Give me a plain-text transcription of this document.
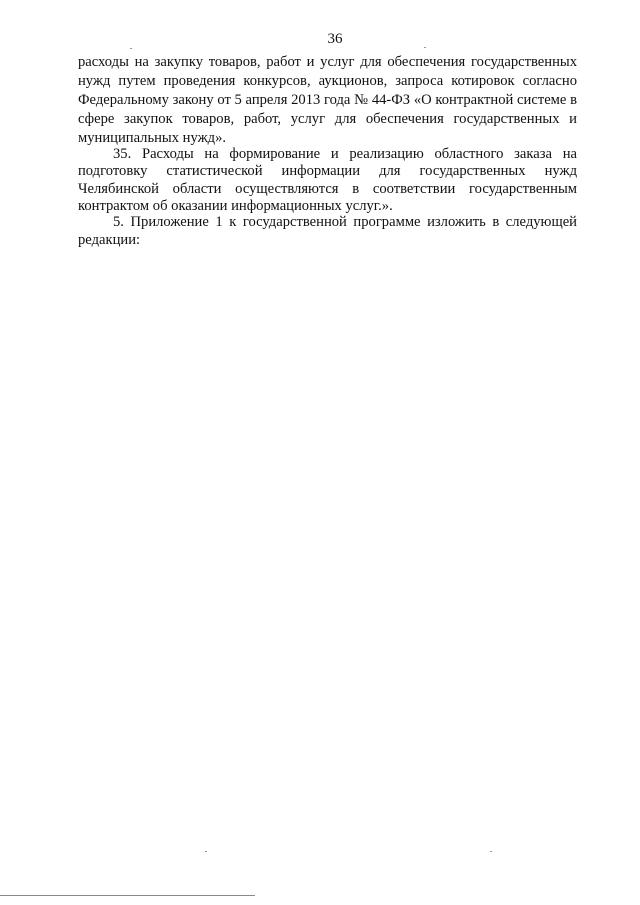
36
расходы на закупку товаров, работ и услуг для обеспечения государственных
нужд путем проведения конкурсов, аукционов, запроса котировок согласно
Федеральному закону от 5 апреля 2013 года № 44-ФЗ «О контрактной системе в
сфере закупок товаров, работ, услуг для обеспечения государственных и
муниципальных нужд».
35. Расходы на формирование и реализацию областного заказа на
подготовку статистической информации для государственных нужд
Челябинской области осуществляются в соответствии государственным
контрактом об оказании информационных услуг.».
5. Приложение 1 к государственной программе изложить в следующей
редакции:
